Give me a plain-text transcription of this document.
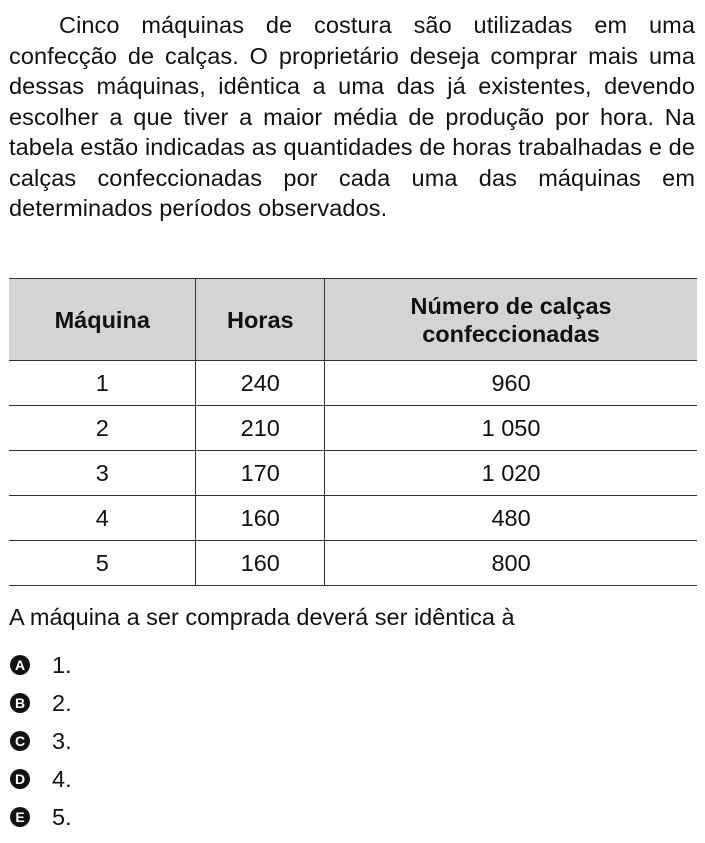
Cinco máquinas de costura são utilizadas em uma confecção de calças. O proprietário deseja comprar mais uma dessas máquinas, idêntica a uma das já existentes, devendo escolher a que tiver a maior média de produção por hora. Na tabela estão indicadas as quantidades de horas trabalhadas e de calças confeccionadas por cada uma das máquinas em determinados períodos observados.

Máquina	Horas	Número de calças confeccionadas
1	240	960
2	210	1 050
3	170	1 020
4	160	480
5	160	800

A máquina a ser comprada deverá ser idêntica à

A 1.
B 2.
C 3.
D 4.
E 5.
